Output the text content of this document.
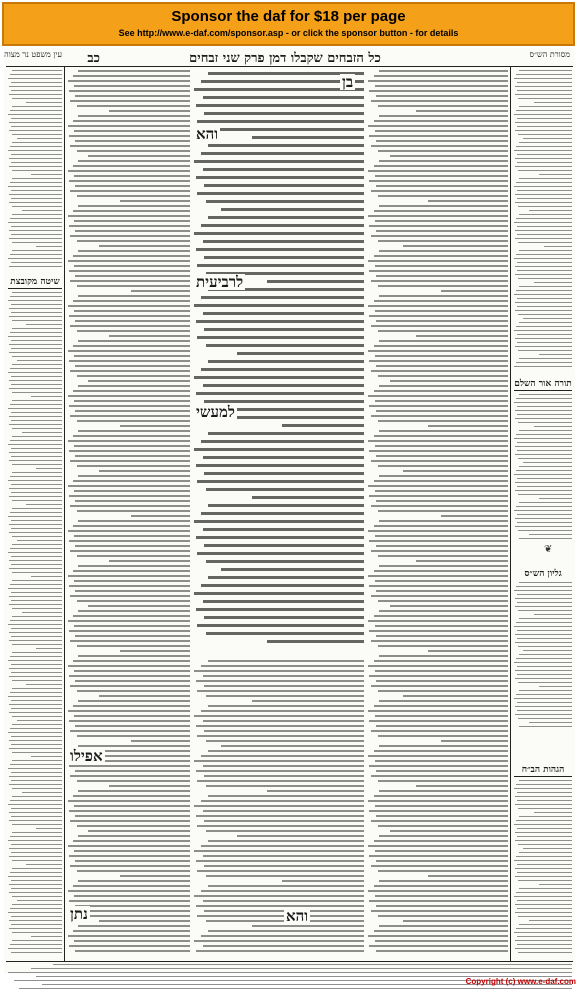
Sponsor the daf for $18 per page
See http://www.e-daf.com/sponsor.asp - or click the sponsor button - for details
עין משפט נר מצוה	כב	כל הזבחים שקבלו דמן פרק שני זבחים	מסורת הש״ס
שיטה מקובצת
תורה אור השלם
גליון הש״ס
הגהות הב״ח
בן
והא
לרביעית
למעשי
אפילו
נתן	והא
❦
Copyright (c) www.e-daf.com
